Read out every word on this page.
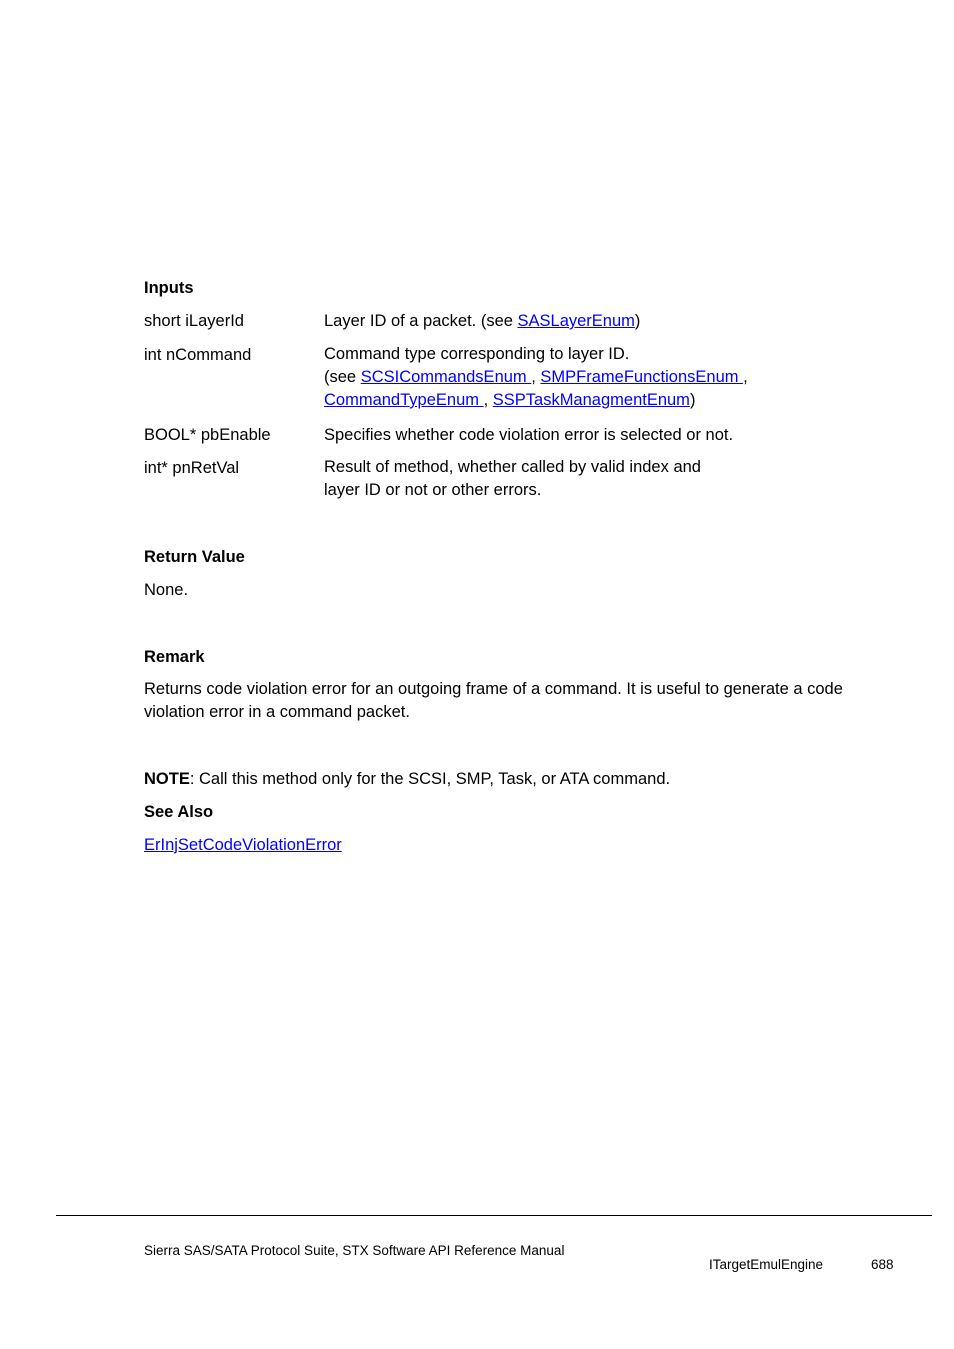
Inputs
short iLayerId	Layer ID of a packet. (see SASLayerEnum)
int nCommand	Command type corresponding to layer ID.
(see SCSICommandsEnum , SMPFrameFunctionsEnum ,
CommandTypeEnum , SSPTaskManagmentEnum)
BOOL* pbEnable	Specifies whether code violation error is selected or not.
int* pnRetVal	Result of method, whether called by valid index and
layer ID or not or other errors.
Return Value
None.
Remark
Returns code violation error for an outgoing frame of a command. It is useful to generate a code
violation error in a command packet.
NOTE: Call this method only for the SCSI, SMP, Task, or ATA command.
See Also
ErInjSetCodeViolationError
Sierra SAS/SATA Protocol Suite, STX Software API Reference Manual
ITargetEmulEngine	688
